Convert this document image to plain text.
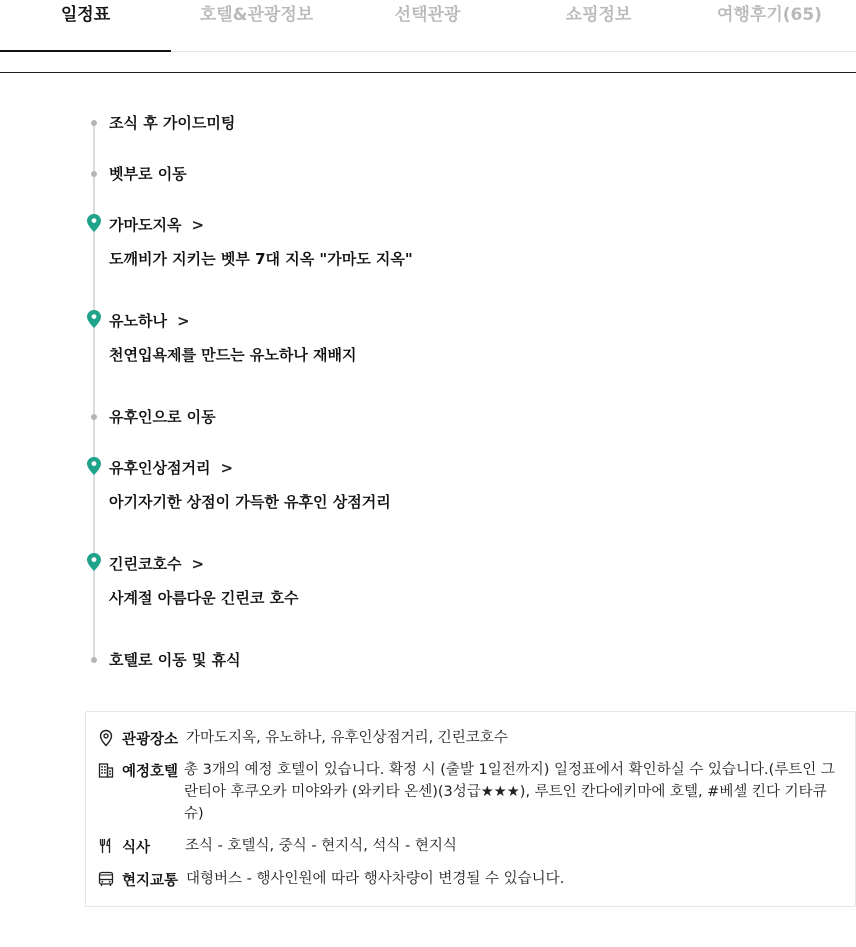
일정표	호텔&관광정보	선택관광	쇼핑정보	여행후기(65)
조식 후 가이드미팅
벳부로 이동
가마도지옥 >
도깨비가 지키는 벳부 7대 지옥 "가마도 지옥"
유노하나 >
천연입욕제를 만드는 유노하나 재배지
유후인으로 이동
유후인상점거리 >
아기자기한 상점이 가득한 유후인 상점거리
긴린코호수 >
사계절 아름다운 긴린코 호수
호텔로 이동 및 휴식
관광장소 가마도지옥, 유노하나, 유후인상점거리, 긴린코호수
예정호텔 총 3개의 예정 호텔이 있습니다. 확정 시 (출발 1일전까지) 일정표에서 확인하실 수 있습니다.(루트인 그란티아 후쿠오카 미야와카 (와키타 온센)(3성급★★★), 루트인 칸다에키마에 호텔, #베셀 킨다 기타큐슈)
식사	조식 - 호텔식, 중식 - 현지식, 석식 - 현지식
현지교통 대형버스 - 행사인원에 따라 행사차량이 변경될 수 있습니다.
